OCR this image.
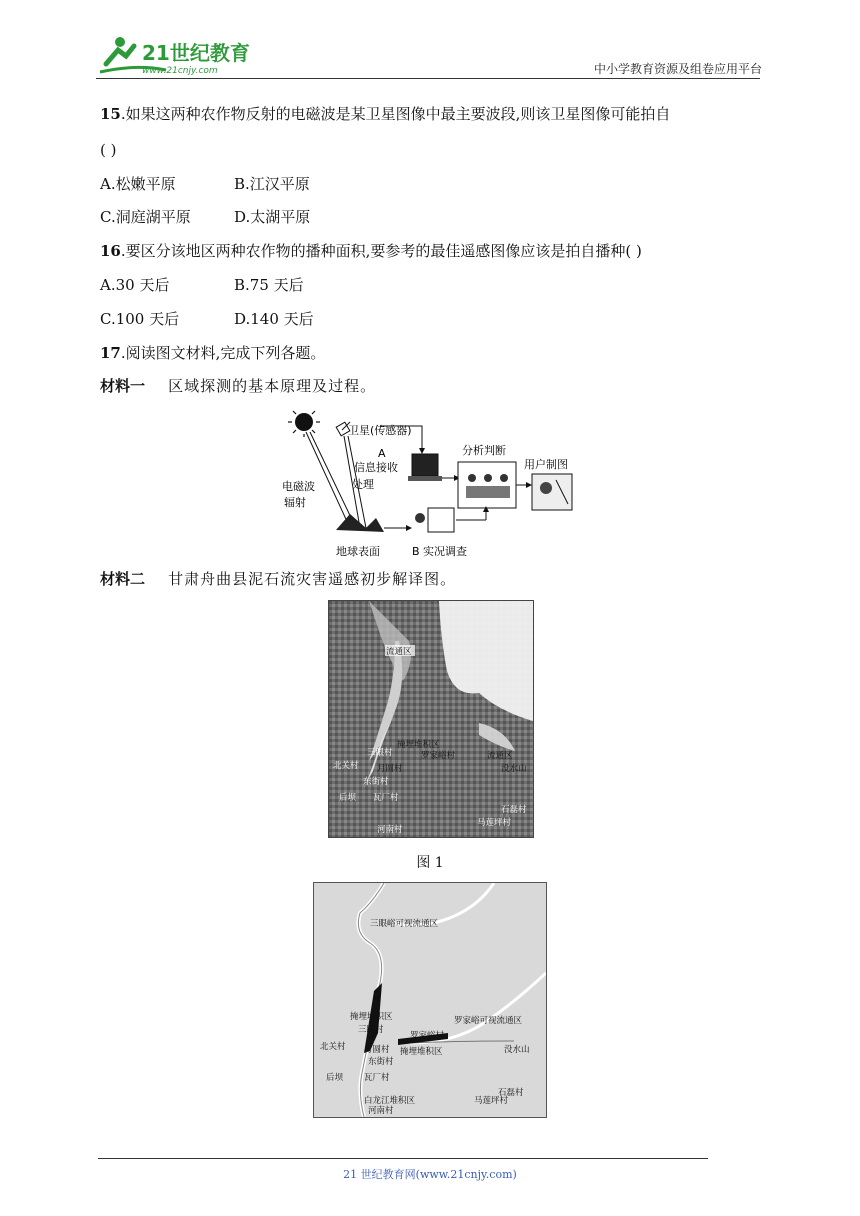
21世纪教育
www.21cnjy.com	中小学教育资源及组卷应用平台
15.如果这两种农作物反射的电磁波是某卫星图像中最主要波段,则该卫星图像可能拍自
( )
A.松嫩平原	B.江汉平原
C.洞庭湖平原	D.太湖平原
16.要区分该地区两种农作物的播种面积,要参考的最佳遥感图像应该是拍自播种( )
A.30 天后	B.75 天后
C.100 天后	D.140 天后
17.阅读图文材料,完成下列各题。
材料一 区域探测的基本原理及过程。
卫星(传感器)
电磁波
辐射
A
信息接收
处理
分析判断
用户制图
地球表面	B 实况调查
材料二 甘肃舟曲县泥石流灾害遥感初步解译图。
流通区
掩埋堆积区
三眼村	罗家峪村	流通区
北关村 月圆村	没水山
东街村
后坝 瓦厂村
石磊村
马莲坪村
河南村
图 1
三眼峪可视流通区
掩埋堆积区	罗家峪可视流通区
三眼村
罗家峪村
北关村 月圆村 掩埋堆积区	没水山
东街村
后坝 瓦厂村
石磊村
白龙江堆积区	马莲坪村
河南村
21 世纪教育网(www.21cnjy.com)
